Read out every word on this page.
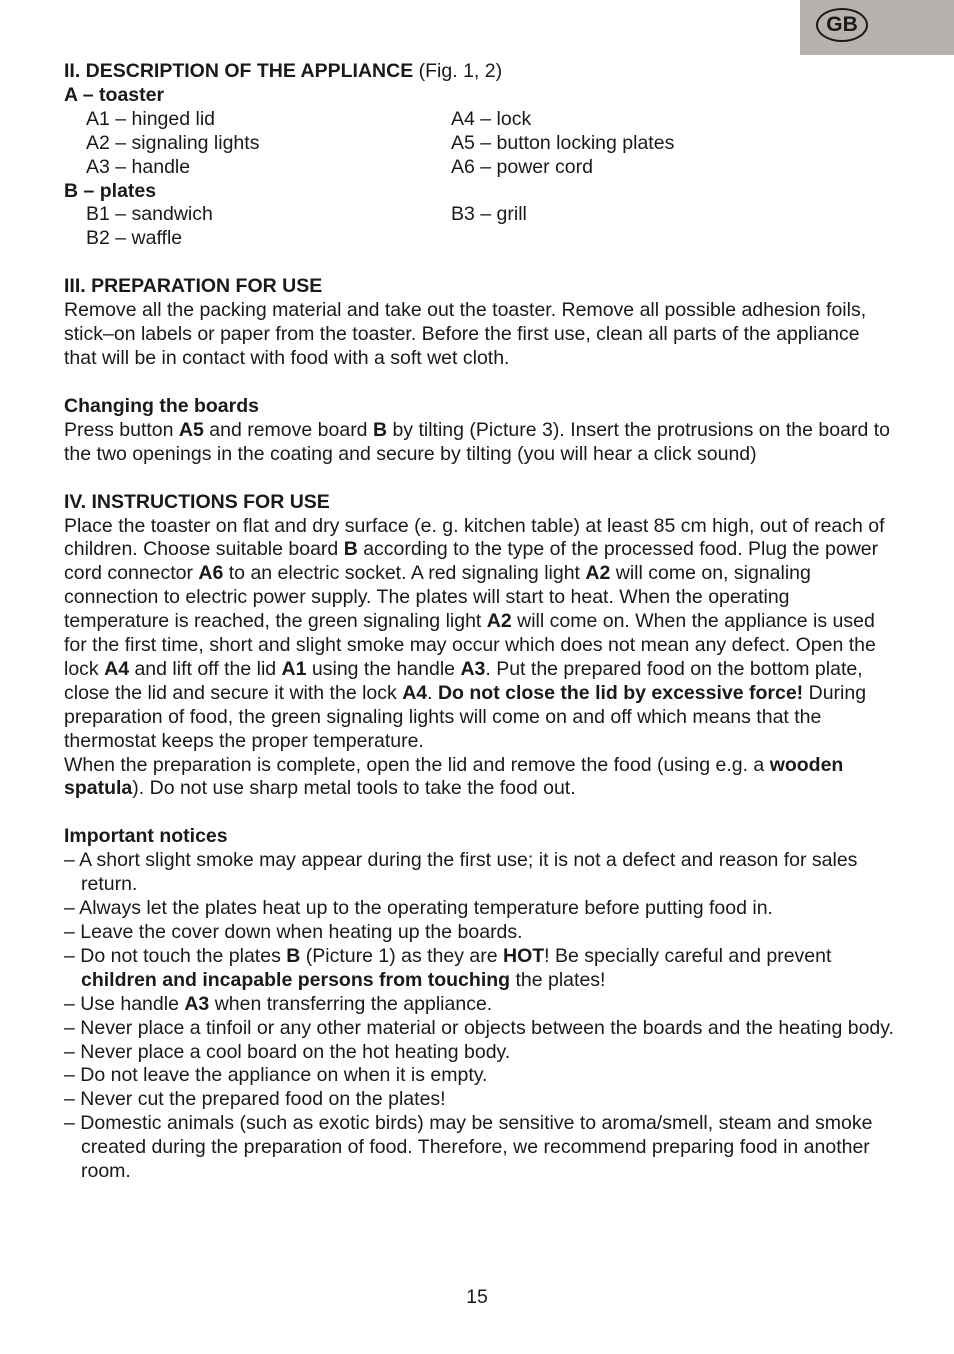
GB

II. DESCRIPTION OF THE APPLIANCE (Fig. 1, 2)

A – toaster

A1 – hinged lid	A4 – lock
A2 – signaling lights	A5 – button locking plates
A3 – handle	A6 – power cord

B – plates

B1 – sandwich	B3 – grill
B2 – waffle

III. PREPARATION FOR USE

Remove all the packing material and take out the toaster. Remove all possible adhesion foils, stick–on labels or paper from the toaster. Before the first use, clean all parts of the appliance that will be in contact with food with a soft wet cloth.

Changing the boards

Press button A5 and remove board B by tilting (Picture 3). Insert the protrusions on the board to the two openings in the coating and secure by tilting (you will hear a click sound)

IV. INSTRUCTIONS FOR USE

Place the toaster on flat and dry surface (e. g. kitchen table) at least 85 cm high, out of reach of children. Choose suitable board B according to the type of the processed food. Plug the power cord connector A6 to an electric socket. A red signaling light A2 will come on, signaling connection to electric power supply. The plates will start to heat. When the operating temperature is reached, the green signaling light A2 will come on. When the appliance is used for the first time, short and slight smoke may occur which does not mean any defect. Open the lock A4 and lift off the lid A1 using the handle A3. Put the prepared food on the bottom plate, close the lid and secure it with the lock A4. Do not close the lid by excessive force! During preparation of food, the green signaling lights will come on and off which means that the thermostat keeps the proper temperature.

When the preparation is complete, open the lid and remove the food (using e.g. a wooden spatula). Do not use sharp metal tools to take the food out.

Important notices

– A short slight smoke may appear during the first use; it is not a defect and reason for sales return.
– Always let the plates heat up to the operating temperature before putting food in.
– Leave the cover down when heating up the boards.
– Do not touch the plates B (Picture 1) as they are HOT! Be specially careful and prevent children and incapable persons from touching the plates!
– Use handle A3 when transferring the appliance.
– Never place a tinfoil or any other material or objects between the boards and the heating body.
– Never place a cool board on the hot heating body.
– Do not leave the appliance on when it is empty.
– Never cut the prepared food on the plates!
– Domestic animals (such as exotic birds) may be sensitive to aroma/smell, steam and smoke created during the preparation of food. Therefore, we recommend preparing food in another room.
15
